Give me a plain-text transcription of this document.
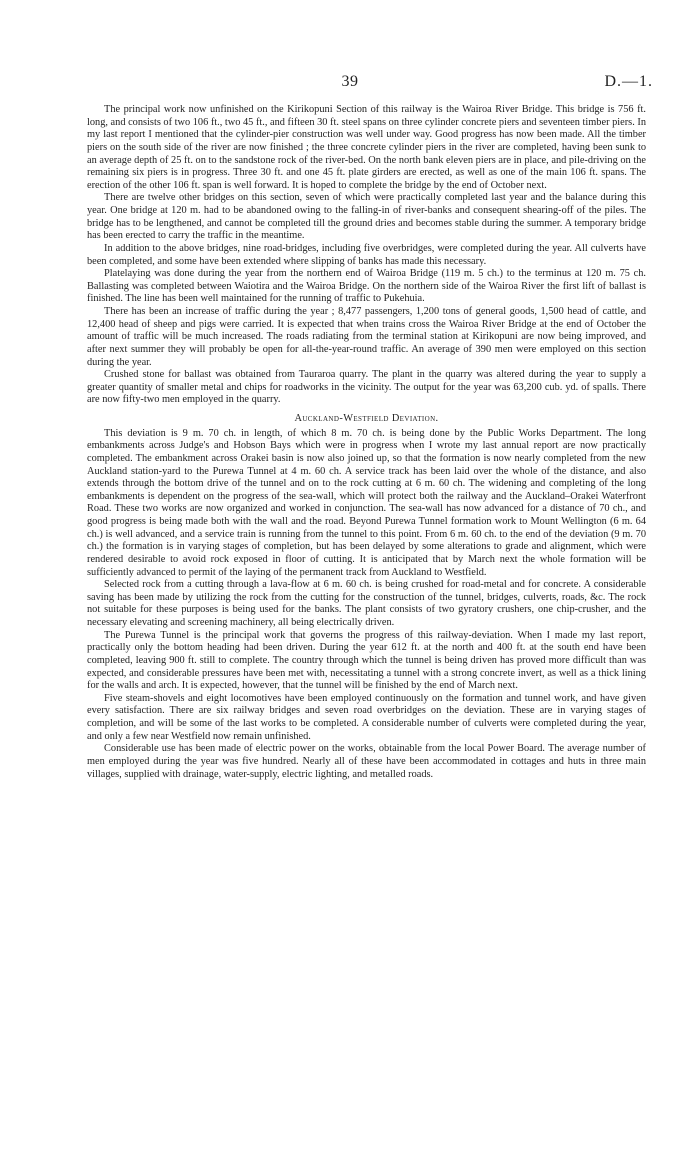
39	D.—1.

The principal work now unfinished on the Kirikopuni Section of this railway is the Wairoa River Bridge. This bridge is 756 ft. long, and consists of two 106 ft., two 45 ft., and fifteen 30 ft. steel spans on three cylinder concrete piers and seventeen timber piers. In my last report I mentioned that the cylinder-pier construction was well under way. Good progress has now been made. All the timber piers on the south side of the river are now finished ; the three concrete cylinder piers in the river are completed, having been sunk to an average depth of 25 ft. on to the sandstone rock of the river-bed. On the north bank eleven piers are in place, and pile-driving on the remaining six piers is in progress. Three 30 ft. and one 45 ft. plate girders are erected, as well as one of the main 106 ft. spans. The erection of the other 106 ft. span is well forward. It is hoped to complete the bridge by the end of October next.

There are twelve other bridges on this section, seven of which were practically completed last year and the balance during this year. One bridge at 120 m. had to be abandoned owing to the falling-in of river-banks and consequent shearing-off of the piles. The bridge has to be lengthened, and cannot be completed till the ground dries and becomes stable during the summer. A temporary bridge has been erected to carry the traffic in the meantime.

In addition to the above bridges, nine road-bridges, including five overbridges, were completed during the year. All culverts have been completed, and some have been extended where slipping of banks has made this necessary.

Platelaying was done during the year from the northern end of Wairoa Bridge (119 m. 5 ch.) to the terminus at 120 m. 75 ch. Ballasting was completed between Waiotira and the Wairoa Bridge. On the northern side of the Wairoa River the first lift of ballast is finished. The line has been well maintained for the running of traffic to Pukehuia.

There has been an increase of traffic during the year ; 8,477 passengers, 1,200 tons of general goods, 1,500 head of cattle, and 12,400 head of sheep and pigs were carried. It is expected that when trains cross the Wairoa River Bridge at the end of October the amount of traffic will be much increased. The roads radiating from the terminal station at Kirikopuni are now being improved, and after next summer they will probably be open for all-the-year-round traffic. An average of 390 men were employed on this section during the year.

Crushed stone for ballast was obtained from Tauraroa quarry. The plant in the quarry was altered during the year to supply a greater quantity of smaller metal and chips for roadworks in the vicinity. The output for the year was 63,200 cub. yd. of spalls. There are now fifty-two men employed in the quarry.

Auckland-Westfield Deviation.

This deviation is 9 m. 70 ch. in length, of which 8 m. 70 ch. is being done by the Public Works Department. The long embankments across Judge's and Hobson Bays which were in progress when I wrote my last annual report are now practically completed. The embankment across Orakei basin is now also joined up, so that the formation is now nearly completed from the new Auckland station-yard to the Purewa Tunnel at 4 m. 60 ch. A service track has been laid over the whole of the distance, and also extends through the bottom drive of the tunnel and on to the rock cutting at 6 m. 60 ch. The widening and completing of the long embankments is dependent on the progress of the sea-wall, which will protect both the railway and the Auckland–Orakei Waterfront Road. These two works are now organized and worked in conjunction. The sea-wall has now advanced for a distance of 70 ch., and good progress is being made both with the wall and the road. Beyond Purewa Tunnel formation work to Mount Wellington (6 m. 64 ch.) is well advanced, and a service train is running from the tunnel to this point. From 6 m. 60 ch. to the end of the deviation (9 m. 70 ch.) the formation is in varying stages of completion, but has been delayed by some alterations to grade and alignment, which were rendered desirable to avoid rock exposed in floor of cutting. It is anticipated that by March next the whole formation will be sufficiently advanced to permit of the laying of the permanent track from Auckland to Westfield.

Selected rock from a cutting through a lava-flow at 6 m. 60 ch. is being crushed for road-metal and for concrete. A considerable saving has been made by utilizing the rock from the cutting for the construction of the tunnel, bridges, culverts, roads, &c. The rock not suitable for these purposes is being used for the banks. The plant consists of two gyratory crushers, one chip-crusher, and the necessary elevating and screening machinery, all being electrically driven.

The Purewa Tunnel is the principal work that governs the progress of this railway-deviation. When I made my last report, practically only the bottom heading had been driven. During the year 612 ft. at the north and 400 ft. at the south end have been completed, leaving 900 ft. still to complete. The country through which the tunnel is being driven has proved more difficult than was expected, and considerable pressures have been met with, necessitating a tunnel with a strong concrete invert, as well as a thick lining for the walls and arch. It is expected, however, that the tunnel will be finished by the end of March next.

Five steam-shovels and eight locomotives have been employed continuously on the formation and tunnel work, and have given every satisfaction. There are six railway bridges and seven road overbridges on the deviation. These are in varying stages of completion, and will be some of the last works to be completed. A considerable number of culverts were completed during the year, and only a few near Westfield now remain unfinished.

Considerable use has been made of electric power on the works, obtainable from the local Power Board. The average number of men employed during the year was five hundred. Nearly all of these have been accommodated in cottages and huts in three main villages, supplied with drainage, water-supply, electric lighting, and metalled roads.
